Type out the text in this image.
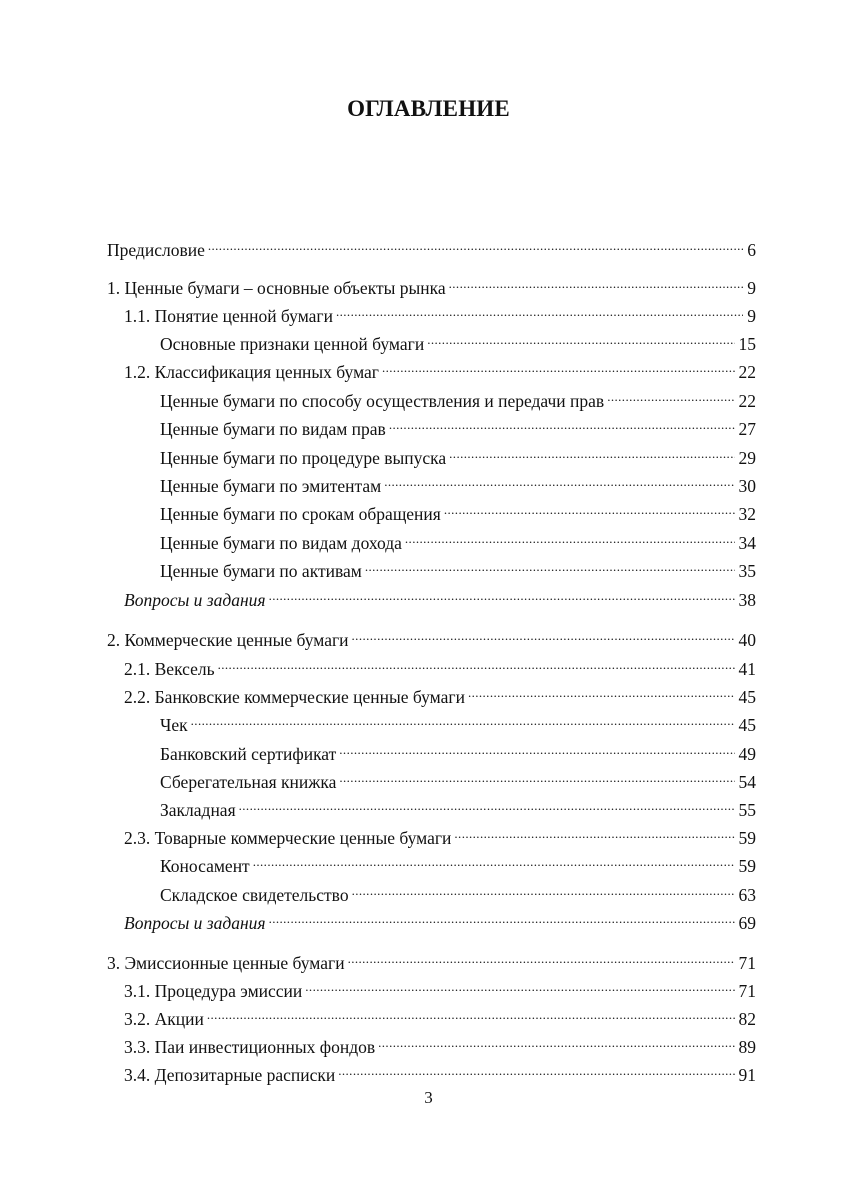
ОГЛАВЛЕНИЕ
Предисловие .....	6
1. Ценные бумаги – основные объекты рынка .....	9
1.1. Понятие ценной бумаги .....	9
Основные признаки ценной бумаги .....	15
1.2. Классификация ценных бумаг .....	22
Ценные бумаги по способу осуществления и передачи прав .....	22
Ценные бумаги по видам прав .....	27
Ценные бумаги по процедуре выпуска .....	29
Ценные бумаги по эмитентам .....	30
Ценные бумаги по срокам обращения .....	32
Ценные бумаги по видам дохода .....	34
Ценные бумаги по активам .....	35
Вопросы и задания .....	38
2. Коммерческие ценные бумаги .....	40
2.1. Вексель .....	41
2.2. Банковские коммерческие ценные бумаги .....	45
Чек .....	45
Банковский сертификат .....	49
Сберегательная книжка .....	54
Закладная .....	55
2.3. Товарные коммерческие ценные бумаги .....	59
Коносамент .....	59
Складское свидетельство .....	63
Вопросы и задания .....	69
3. Эмиссионные ценные бумаги .....	71
3.1. Процедура эмиссии .....	71
3.2. Акции .....	82
3.3. Паи инвестиционных фондов .....	89
3.4. Депозитарные расписки .....	91
3
